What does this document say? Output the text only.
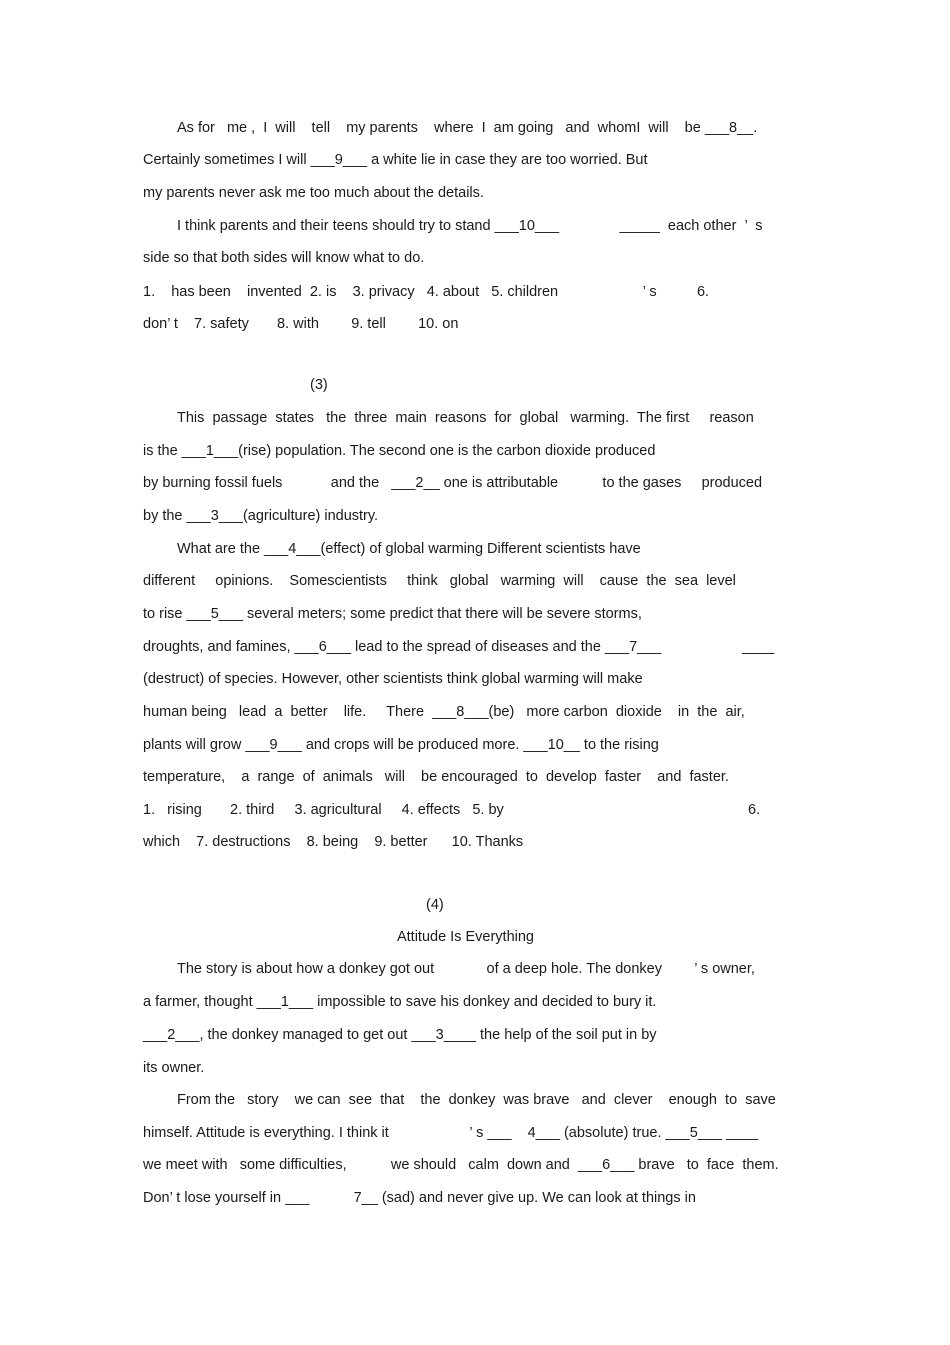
As for   me ,  I  will    tell    my parents    where  I  am going   and  whomI  will    be ___8__.
Certainly sometimes I will ___9___ a white lie in case they are too worried. But
my parents never ask me too much about the details.
I think parents and their teens should try to stand ___10___               _____  each other  ’  s
side so that both sides will know what to do.
1.    has been    invented  2. is    3. privacy   4. about   5. children                     ’ s          6.
don’ t    7. safety       8. with        9. tell        10. on
(3)
This  passage  states   the  three  main  reasons  for  global   warming.  The first     reason
is the ___1___(rise) population. The second one is the carbon dioxide produced
by burning fossil fuels            and the   ___2__ one is attributable           to the gases     produced
by the ___3___(agriculture) industry.
What are the ___4___(effect) of global warming Different scientists have
different     opinions.    Somescientists     think   global   warming  will    cause  the  sea  level
to rise ___5___ several meters; some predict that there will be severe storms,
droughts, and famines, ___6___ lead to the spread of diseases and the ___7___                    ____
(destruct) of species. However, other scientists think global warming will make
human being   lead  a  better    life.     There  ___8___(be)   more carbon  dioxide    in  the  air,
plants will grow ___9___ and crops will be produced more. ___10__ to the rising
temperature,    a  range  of  animals   will    be encouraged  to  develop  faster    and  faster.
1.   rising       2. third     3. agricultural     4. effects   5. by	6.
which    7. destructions    8. being    9. better      10. Thanks
(4)
Attitude Is Everything
The story is about how a donkey got out             of a deep hole. The donkey        ’ s owner,
a farmer, thought ___1___ impossible to save his donkey and decided to bury it.
___2___, the donkey managed to get out ___3____ the help of the soil put in by
its owner.
From the   story    we can  see  that    the  donkey  was brave   and  clever    enough  to  save
himself. Attitude is everything. I think it                    ’ s ___    4___ (absolute) true. ___5___ ____
we meet with   some difficulties,           we should   calm  down and  ___6___ brave   to  face  them.
Don’ t lose yourself in ___           7__ (sad) and never give up. We can look at things in
